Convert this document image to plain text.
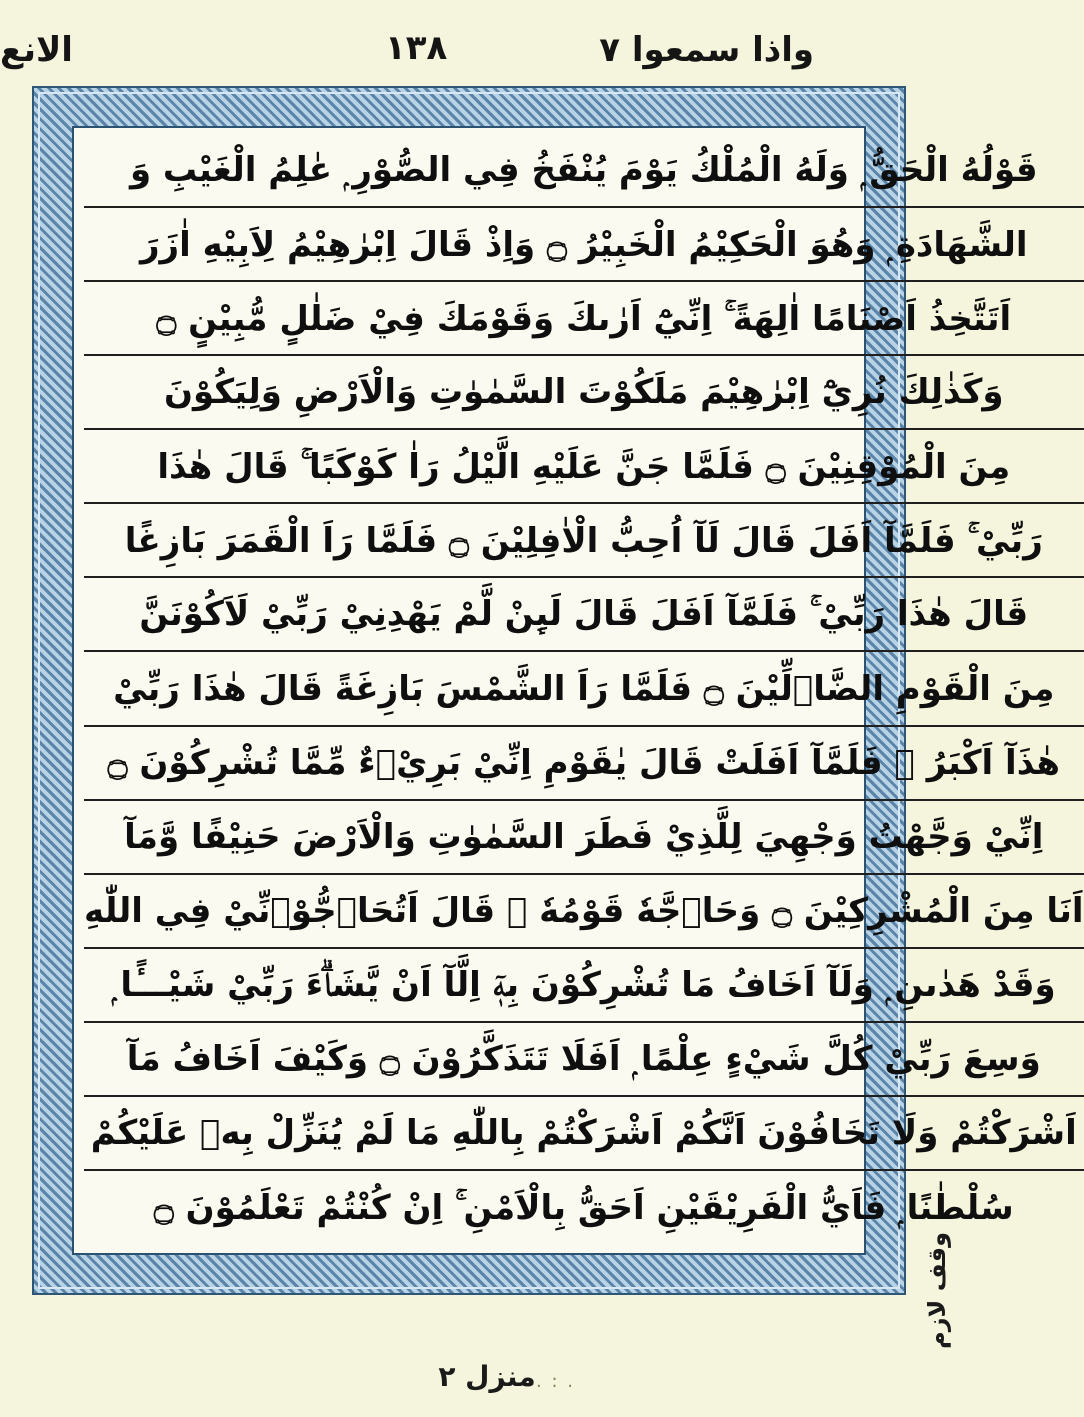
واذا سمعوا ٧
١٣٨
الانع
قَوْلُهُ الْحَقُّ ۭ وَلَهُ الْمُلْكُ يَوْمَ يُنْفَخُ فِي الصُّوْرِ ۭ عٰلِمُ الْغَيْبِ وَ
الشَّهَادَةِ ۭ وَهُوَ الْحَكِيْمُ الْخَبِيْرُ ۝ وَاِذْ قَالَ اِبْرٰهِيْمُ لِاَبِيْهِ اٰزَرَ
اَتَتَّخِذُ اَصْنَامًا اٰلِهَةً ۚ اِنِّيْٓ اَرٰىكَ وَقَوْمَكَ فِيْ ضَلٰلٍ مُّبِيْنٍ ۝
وَكَذٰلِكَ نُرِيْٓ اِبْرٰهِيْمَ مَلَكُوْتَ السَّمٰوٰتِ وَالْاَرْضِ وَلِيَكُوْنَ
مِنَ الْمُوْقِنِيْنَ ۝ فَلَمَّا جَنَّ عَلَيْهِ الَّيْلُ رَاٰ كَوْكَبًا ۚ قَالَ هٰذَا
رَبِّيْ ۚ فَلَمَّآ اَفَلَ قَالَ لَآ اُحِبُّ الْاٰفِلِيْنَ ۝ فَلَمَّا رَاَ الْقَمَرَ بَازِغًا
قَالَ هٰذَا رَبِّيْ ۚ فَلَمَّآ اَفَلَ قَالَ لَىِٕنْ لَّمْ يَهْدِنِيْ رَبِّيْ لَاَكُوْنَنَّ
مِنَ الْقَوْمِ الضَّاۗلِّيْنَ ۝ فَلَمَّا رَاَ الشَّمْسَ بَازِغَةً قَالَ هٰذَا رَبِّيْ
هٰذَآ اَكْبَرُ ۚ فَلَمَّآ اَفَلَتْ قَالَ يٰقَوْمِ اِنِّيْ بَرِيْۗءٌ مِّمَّا تُشْرِكُوْنَ ۝
اِنِّيْ وَجَّهْتُ وَجْهِيَ لِلَّذِيْ فَطَرَ السَّمٰوٰتِ وَالْاَرْضَ حَنِيْفًا وَّمَآ
اَنَا مِنَ الْمُشْرِكِيْنَ ۝ وَحَاۗجَّهٗ قَوْمُهٗ ۭ قَالَ اَتُحَاۗجُّوْۗنِّيْ فِي اللّٰهِ
وَقَدْ هَدٰىنِ ۭ وَلَآ اَخَافُ مَا تُشْرِكُوْنَ بِهٖٓ اِلَّآ اَنْ يَّشَاۗءَ رَبِّيْ شَيْـــًٔا ۭ
وَسِعَ رَبِّيْ كُلَّ شَيْءٍ عِلْمًا ۭ اَفَلَا تَتَذَكَّرُوْنَ ۝ وَكَيْفَ اَخَافُ مَآ
اَشْرَكْتُمْ وَلَا تَخَافُوْنَ اَنَّكُمْ اَشْرَكْتُمْ بِاللّٰهِ مَا لَمْ يُنَزِّلْ بِهٖ عَلَيْكُمْ
سُلْطٰنًا ۭ فَاَيُّ الْفَرِيْقَيْنِ اَحَقُّ بِالْاَمْنِ ۚ اِنْ كُنْتُمْ تَعْلَمُوْنَ ۝
وقف لازم
. : .
منزل ٢
